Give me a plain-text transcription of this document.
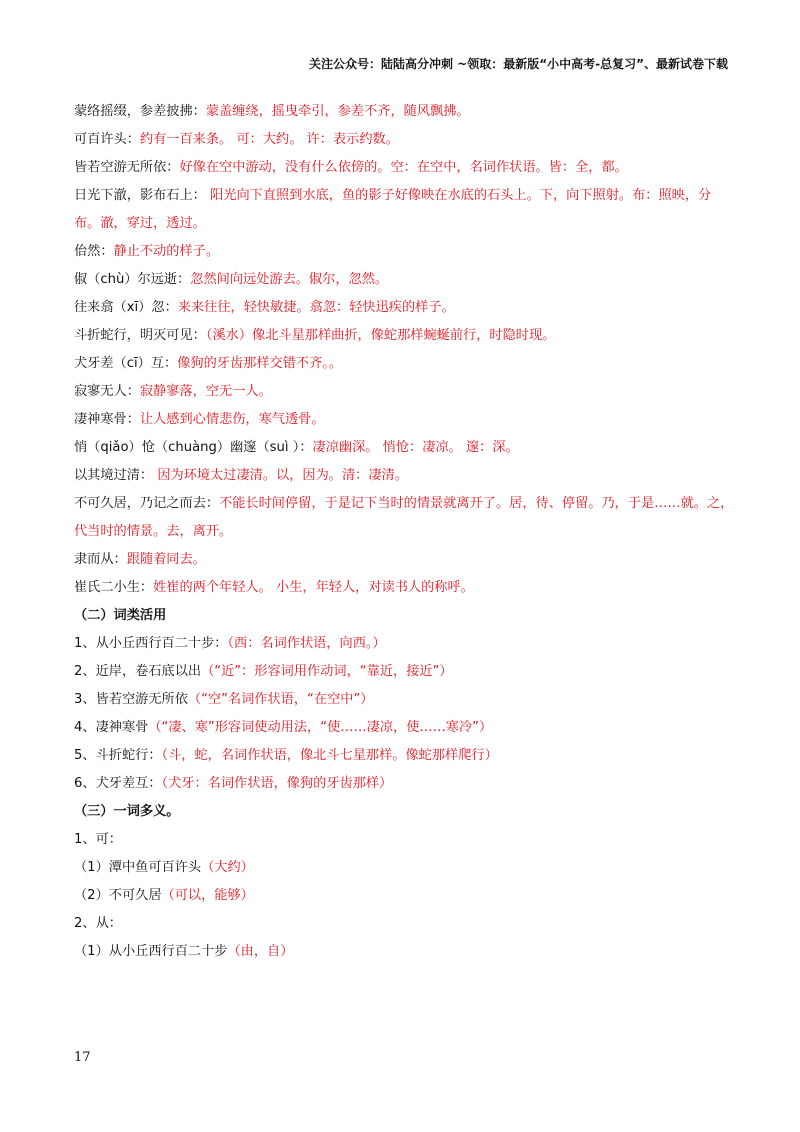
关注公众号：陆陆高分冲刺 ~领取：最新版“小中高考-总复习”、最新试卷下载
蒙络摇缀，参差披拂：蒙盖缠绕，摇曳牵引，参差不齐，随风飘拂。
可百许头：约有一百来条。 可：大约。 许：表示约数。
皆若空游无所依：好像在空中游动，没有什么依傍的。空：在空中，名词作状语。皆：全，都。
日光下澈，影布石上： 阳光向下直照到水底，鱼的影子好像映在水底的石头上。下，向下照射。布：照映，分布。澈，穿过，透过。
佁然：静止不动的样子。
俶（chù）尔远逝：忽然间向远处游去。俶尔，忽然。
往来翕（xī）忽：来来往往，轻快敏捷。翕忽：轻快迅疾的样子。
斗折蛇行，明灭可见：（溪水）像北斗星那样曲折，像蛇那样蜿蜒前行，时隐时现。
犬牙差（cī）互：像狗的牙齿那样交错不齐。。
寂寥无人：寂静寥落，空无一人。
凄神寒骨：让人感到心情悲伤，寒气透骨。
悄（qiǎo）怆（chuàng）幽邃（suì ）：凄凉幽深。 悄怆：凄凉。 邃：深。
以其境过清： 因为环境太过凄清。以，因为。清：凄清。
不可久居，乃记之而去：不能长时间停留，于是记下当时的情景就离开了。居，待、停留。乃，于是……就。之，代当时的情景。去，离开。
隶而从：跟随着同去。
崔氏二小生：姓崔的两个年轻人。 小生，年轻人，对读书人的称呼。
（二）词类活用
1、从小丘西行百二十步：（西：名词作状语，向西。）
2、近岸，卷石底以出（“近”：形容词用作动词，“靠近，接近”）
3、皆若空游无所依（“空”名词作状语，“在空中”）
4、凄神寒骨（“凄、寒”形容词使动用法，“使……凄凉，使……寒冷”）
5、斗折蛇行：（斗，蛇，名词作状语，像北斗七星那样。像蛇那样爬行）
6、犬牙差互：（犬牙：名词作状语，像狗的牙齿那样）
（三）一词多义。
1、可：
（1）潭中鱼可百许头（大约）
（2）不可久居（可以，能够）
2、从：
（1）从小丘西行百二十步（由，自）
17
